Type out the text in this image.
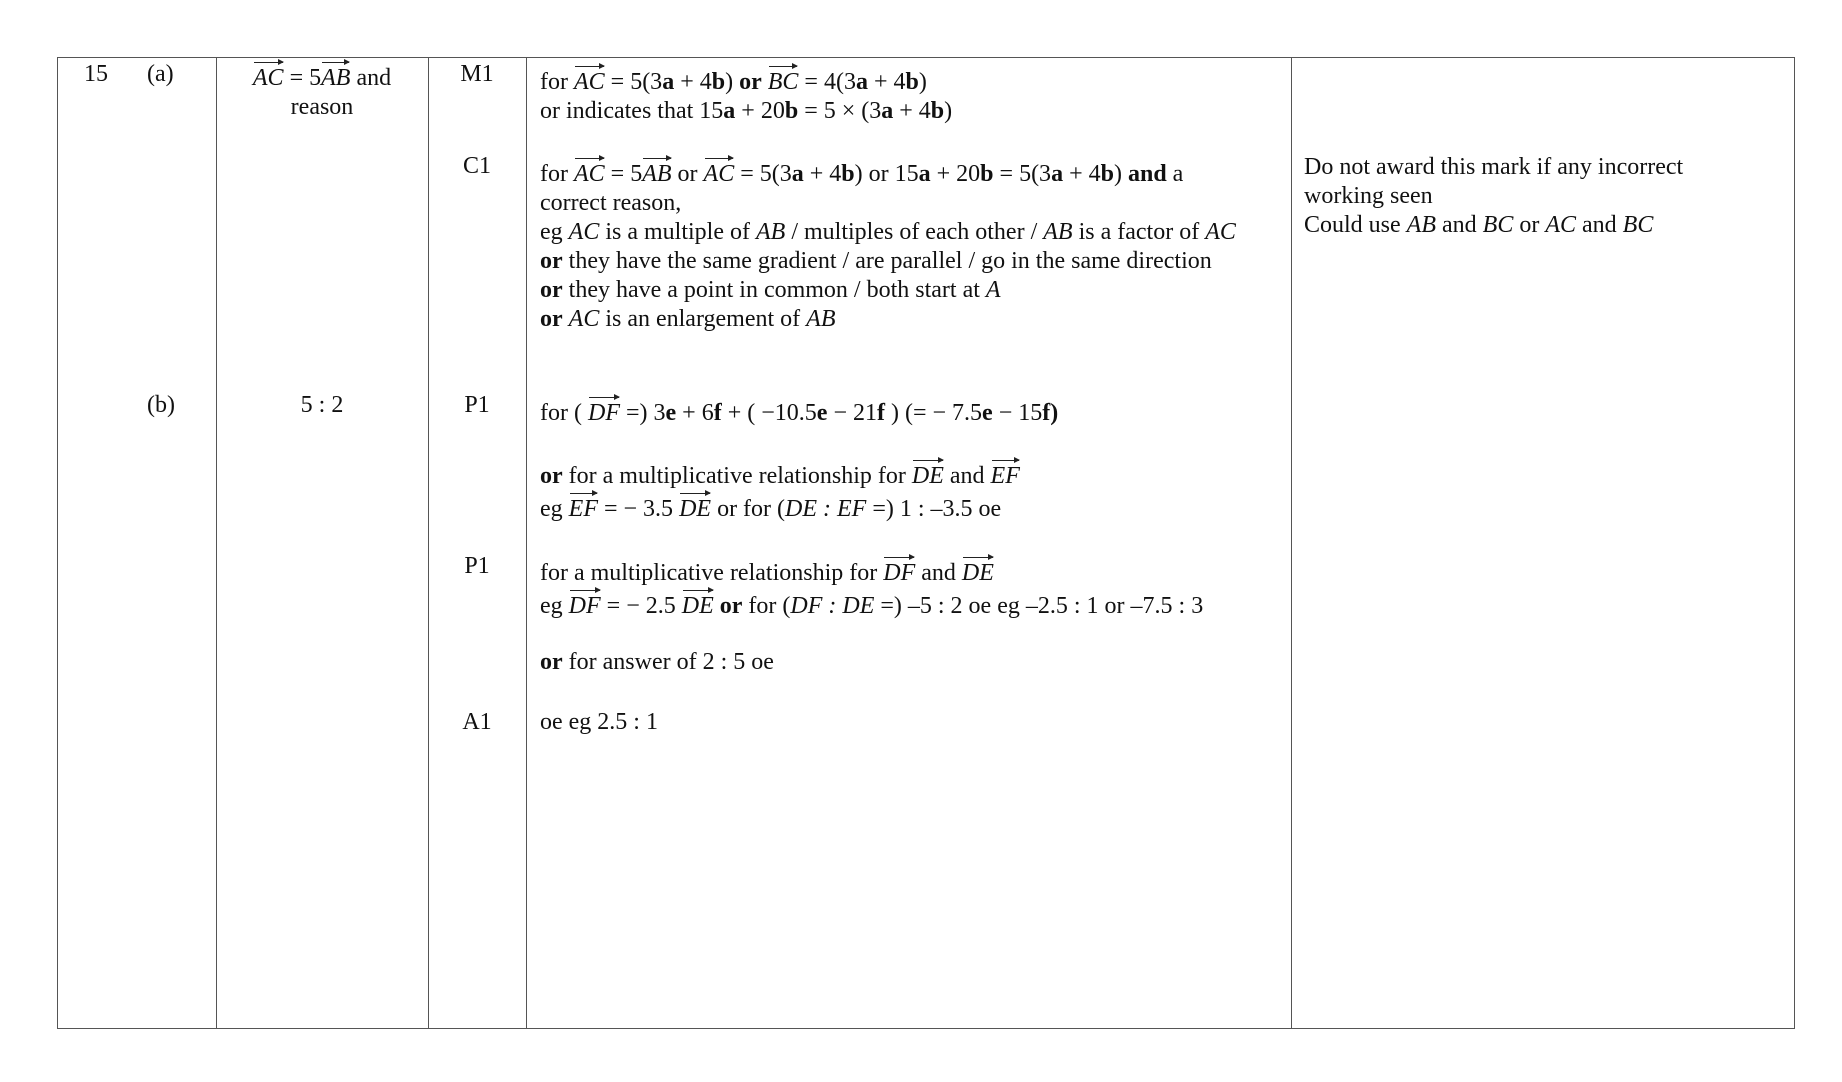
15 (a)
(b)
AC = 5AB and
reason
5 : 2
M1
C1
P1
P1
A1
for AC = 5(3a + 4b) or BC = 4(3a + 4b)
or indicates that 15a + 20b = 5 × (3a + 4b)
for AC = 5AB or AC = 5(3a + 4b) or 15a + 20b = 5(3a + 4b) and a
correct reason,
eg AC is a multiple of AB / multiples of each other / AB is a factor of AC
or they have the same gradient / are parallel / go in the same direction
or they have a point in common / both start at A
or AC is an enlargement of AB
for ( DF =) 3e + 6f + ( −10.5e − 21f ) (= − 7.5e − 15f)
or for a multiplicative relationship for DE and EF
eg EF = − 3.5 DE or for (DE : EF =) 1 : –3.5 oe
for a multiplicative relationship for DF and DE
eg DF = − 2.5 DE or for (DF : DE =) –5 : 2 oe eg –2.5 : 1 or –7.5 : 3
or for answer of 2 : 5 oe
oe eg 2.5 : 1
Do not award this mark if any incorrect
working seen
Could use AB and BC or AC and BC
